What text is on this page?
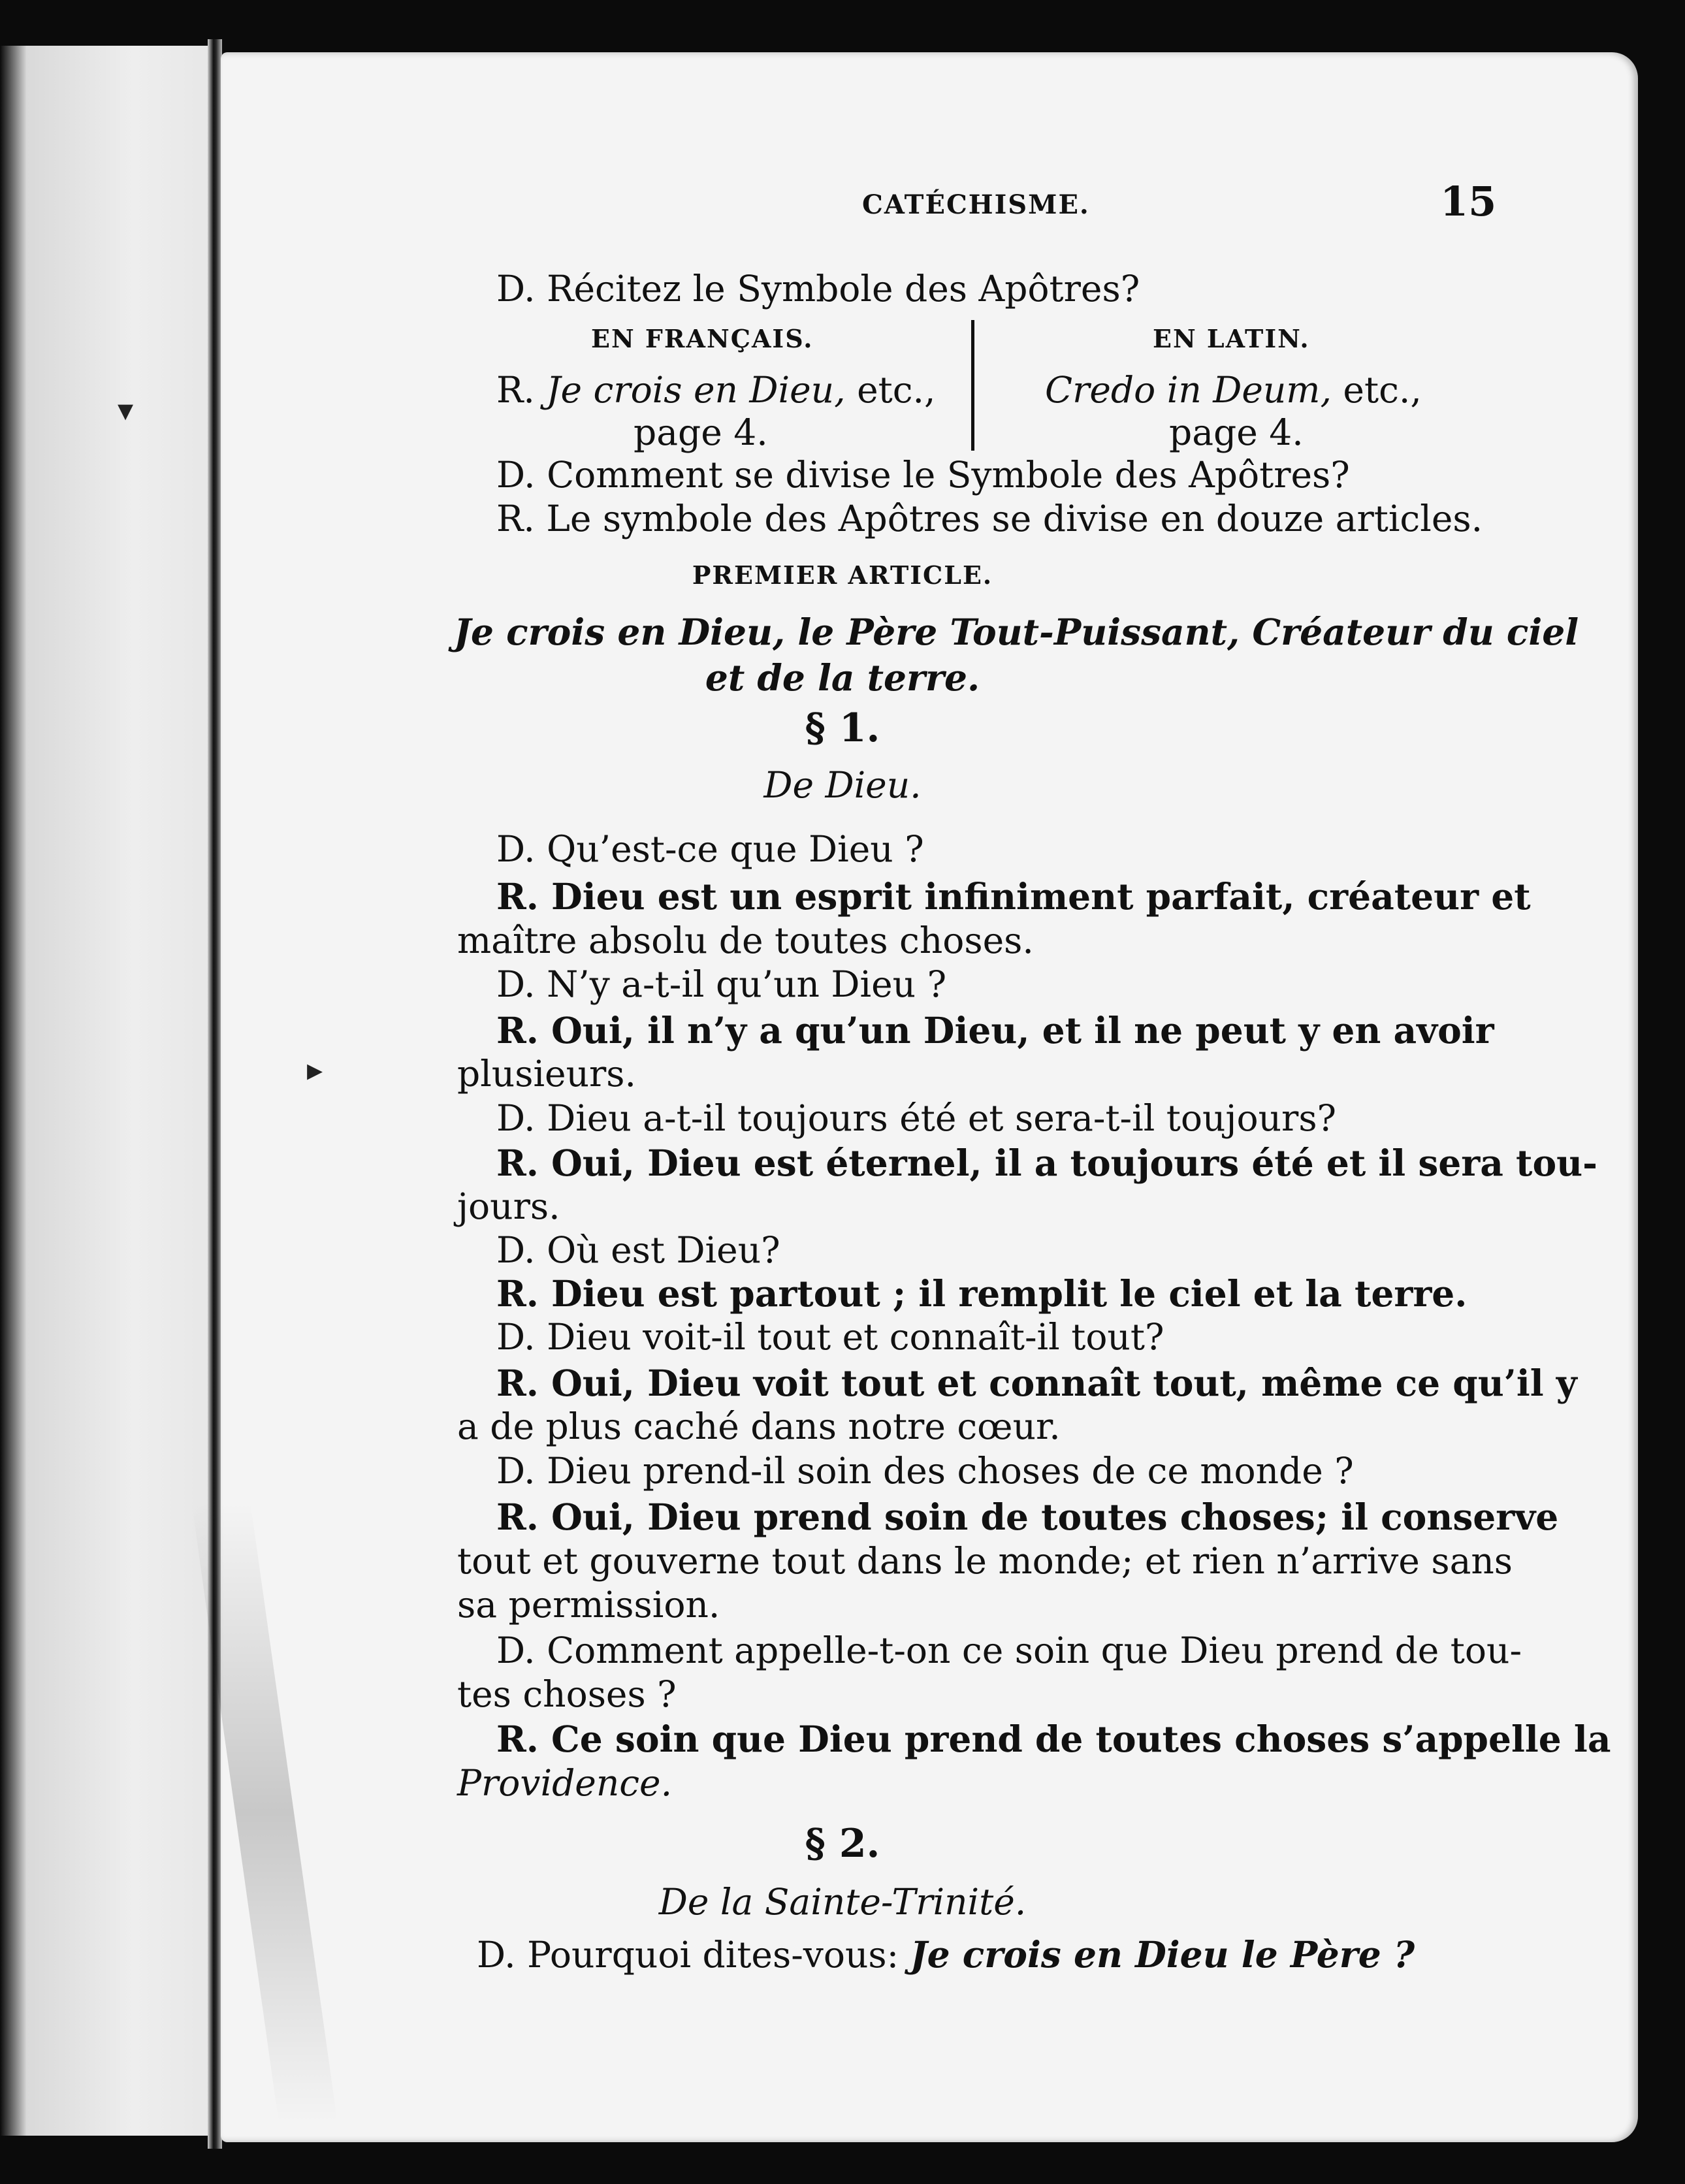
CATÉCHISME.	15
D. Récitez le Symbole des Apôtres?
EN FRANÇAIS.	EN LATIN.
R. Je crois en Dieu, etc.,
page 4.
Credo in Deum, etc.,
page 4.
D. Comment se divise le Symbole des Apôtres?
R. Le symbole des Apôtres se divise en douze articles.
PREMIER ARTICLE.
Je crois en Dieu, le Père Tout-Puissant, Créateur du ciel
et de la terre.
§ 1.
De Dieu.
D. Qu’est-ce que Dieu ?
R. Dieu est un esprit infiniment parfait, créateur et
maître absolu de toutes choses.
D. N’y a-t-il qu’un Dieu ?
R. Oui, il n’y a qu’un Dieu, et il ne peut y en avoir
plusieurs.
D. Dieu a-t-il toujours été et sera-t-il toujours?
R. Oui, Dieu est éternel, il a toujours été et il sera tou-
jours.
D. Où est Dieu?
R. Dieu est partout ; il remplit le ciel et la terre.
D. Dieu voit-il tout et connaît-il tout?
R. Oui, Dieu voit tout et connaît tout, même ce qu’il y
a de plus caché dans notre cœur.
D. Dieu prend-il soin des choses de ce monde ?
R. Oui, Dieu prend soin de toutes choses; il conserve
tout et gouverne tout dans le monde; et rien n’arrive sans
sa permission.
D. Comment appelle-t-on ce soin que Dieu prend de tou-
tes choses ?
R. Ce soin que Dieu prend de toutes choses s’appelle la
Providence.
§ 2.
De la Sainte-Trinité.
D. Pourquoi dites-vous: Je crois en Dieu le Père ?
▾
▸
